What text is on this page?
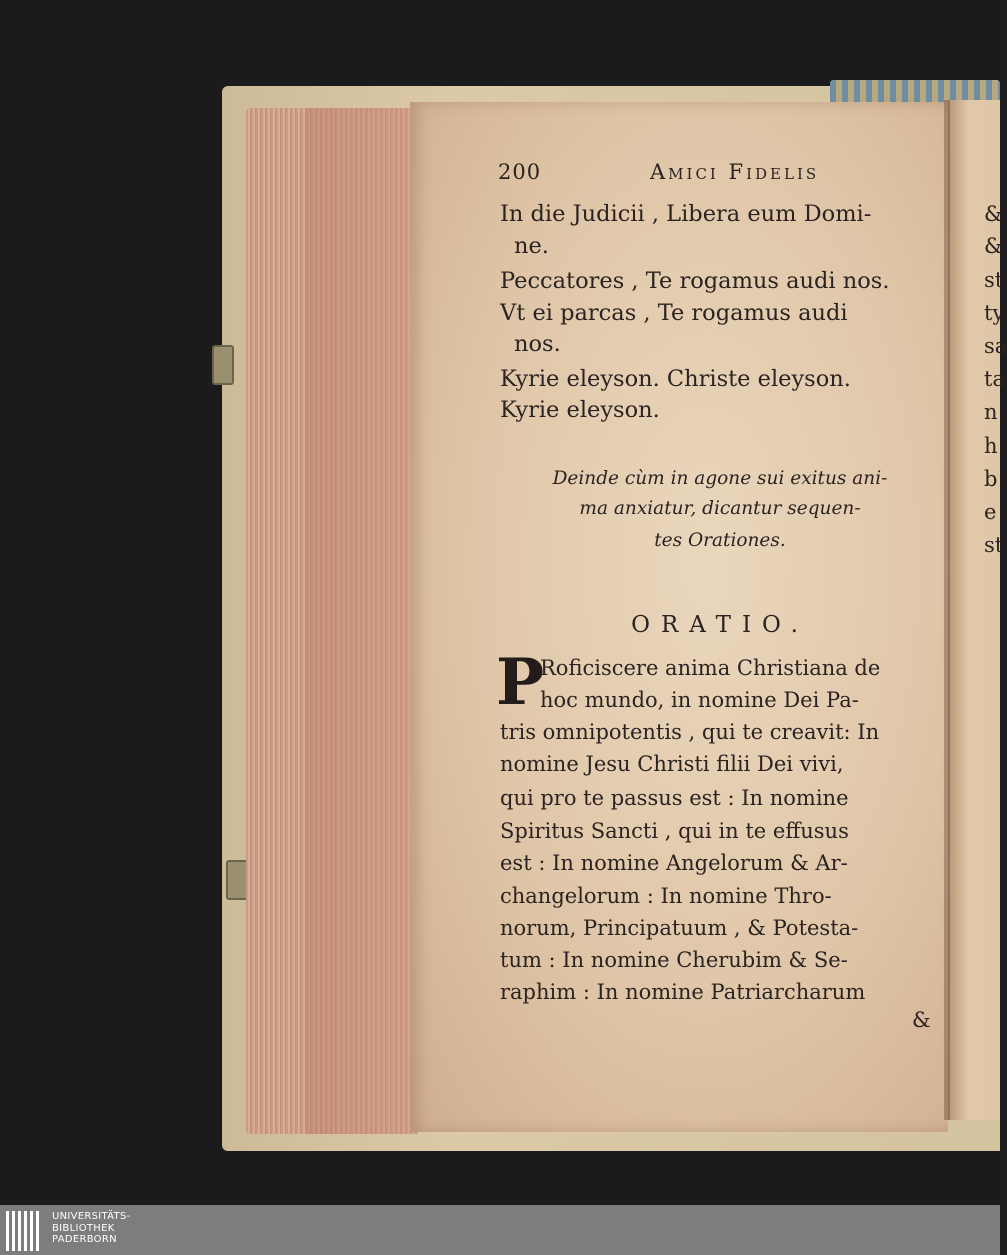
200	Amici Fidelis
In die Judicii , Libera eum Domi-
ne.
Peccatores , Te rogamus audi nos.
Vt ei parcas , Te rogamus audi
nos.
Kyrie eleyson. Christe eleyson.
Kyrie eleyson.
Deinde cùm in agone sui exitus ani-
ma anxiatur, dicantur sequen-
tes Orationes.
ORATIO.
P
Roficiscere anima Christiana de
hoc mundo, in nomine Dei Pa-
tris omnipotentis , qui te creavit: In
nomine Jesu Christi filii Dei vivi,
qui pro te passus est : In nomine
Spiritus Sancti , qui in te effusus
est : In nomine Angelorum & Ar-
changelorum : In nomine Thro-
norum, Principatuum , & Potesta-
tum : In nomine Cherubim & Se-
raphim : In nomine Patriarcharum
&
&
&
st
ty
sa
ta
n
h
b
e
st
UNIVERSITÄTS-
BIBLIOTHEK
PADERBORN
